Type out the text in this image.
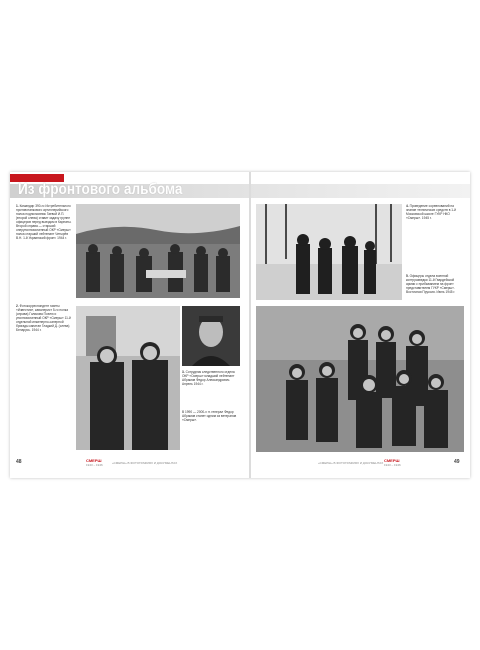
Из фронтового альбома
1. Командир 390-го Истребительного противотанкового артиллерийского полка подполковник Гаевой И.П. (второй слева) ставит задачу группе офицеров перед выездом в Карпаты. Второй справа — старший оперуполномоченный ОКР «Смерш» полка старший лейтенант Четырёв В.Н. 1-й Украинский фронт. 1944 г.
2. Фотокорреспондент газеты «Известия», кавалерист 5-го полка (справа) Голикова Поелю и уполномоченный ОКР «Смерш» 11-й отдельной инженерно-саперной бригады капитан Гладкий Д. (слева) Беларусь. 1944 г.
3. Сотрудник следственного отдела ОКР «Смерш» младший лейтенант Абрамов Федор Александрович. Апрель 1944 г.
В 1990 — 2000-х гг. генерал Федор Абрамов станет одним из ветеранов «Смерш».
4. Проведение соревнований на знание технических средств в 1-й Московской школе ГУКР НКО «Смерш». 1945 г.
5. Офицеры отдела военной контрразведки 11-й Гвардейской армии с прибыванием на фронт представителем ГУКР «Смерш». Восточная Пруссия. Июнь 1945 г.
48	СМЕРШ
1943 – 1946	«СМЕРШ» В ФОТОГРАФИЯХ И ДОКУМЕНТАХ	«СМЕРШ» В ФОТОГРАФИЯХ И ДОКУМЕНТАХ СМЕРШ
1943 – 1946	49
